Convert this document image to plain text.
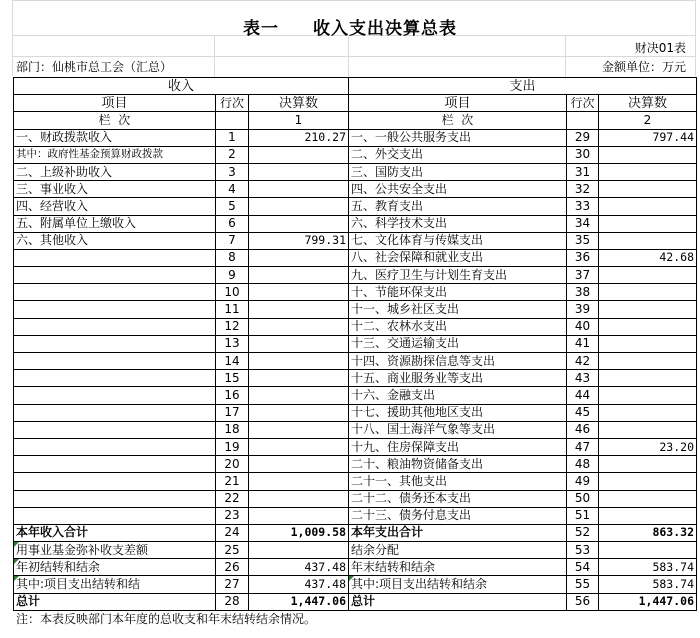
表一 收入支出决算总表
财决01表
部门：仙桃市总工会（汇总）	金额单位：万元
收入			支出		
项目	行次	决算数	项目	行次	决算数
栏  次		1	栏  次		2
一、财政拨款收入	1	210.27	一、一般公共服务支出	29	797.44
其中：政府性基金预算财政拨款	2		二、外交支出	30	
二、上级补助收入	3		三、国防支出	31	
三、事业收入	4		四、公共安全支出	32	
四、经营收入	5		五、教育支出	33	
五、附属单位上缴收入	6		六、科学技术支出	34	
六、其他收入	7	799.31	七、文化体育与传媒支出	35	
	8		八、社会保障和就业支出	36	42.68
	9		九、医疗卫生与计划生育支出	37	
	10		十、节能环保支出	38	
	11		十一、城乡社区支出	39	
	12		十二、农林水支出	40	
	13		十三、交通运输支出	41	
	14		十四、资源勘探信息等支出	42	
	15		十五、商业服务业等支出	43	
	16		十六、金融支出	44	
	17		十七、援助其他地区支出	45	
	18		十八、国土海洋气象等支出	46	
	19		十九、住房保障支出	47	23.20
	20		二十、粮油物资储备支出	48	
	21		二十一、其他支出	49	
	22		二十二、债务还本支出	50	
	23		二十三、债务付息支出	51	
本年收入合计	24	1,009.58	本年支出合计	52	863.32
用事业基金弥补收支差额	25		结余分配	53	
年初结转和结余	26	437.48	年末结转和结余	54	583.74
其中:项目支出结转和结	27	437.48	其中:项目支出结转和结余	55	583.74
总计	28	1,447.06	总计	56	1,447.06
注：本表反映部门本年度的总收支和年末结转结余情况。
